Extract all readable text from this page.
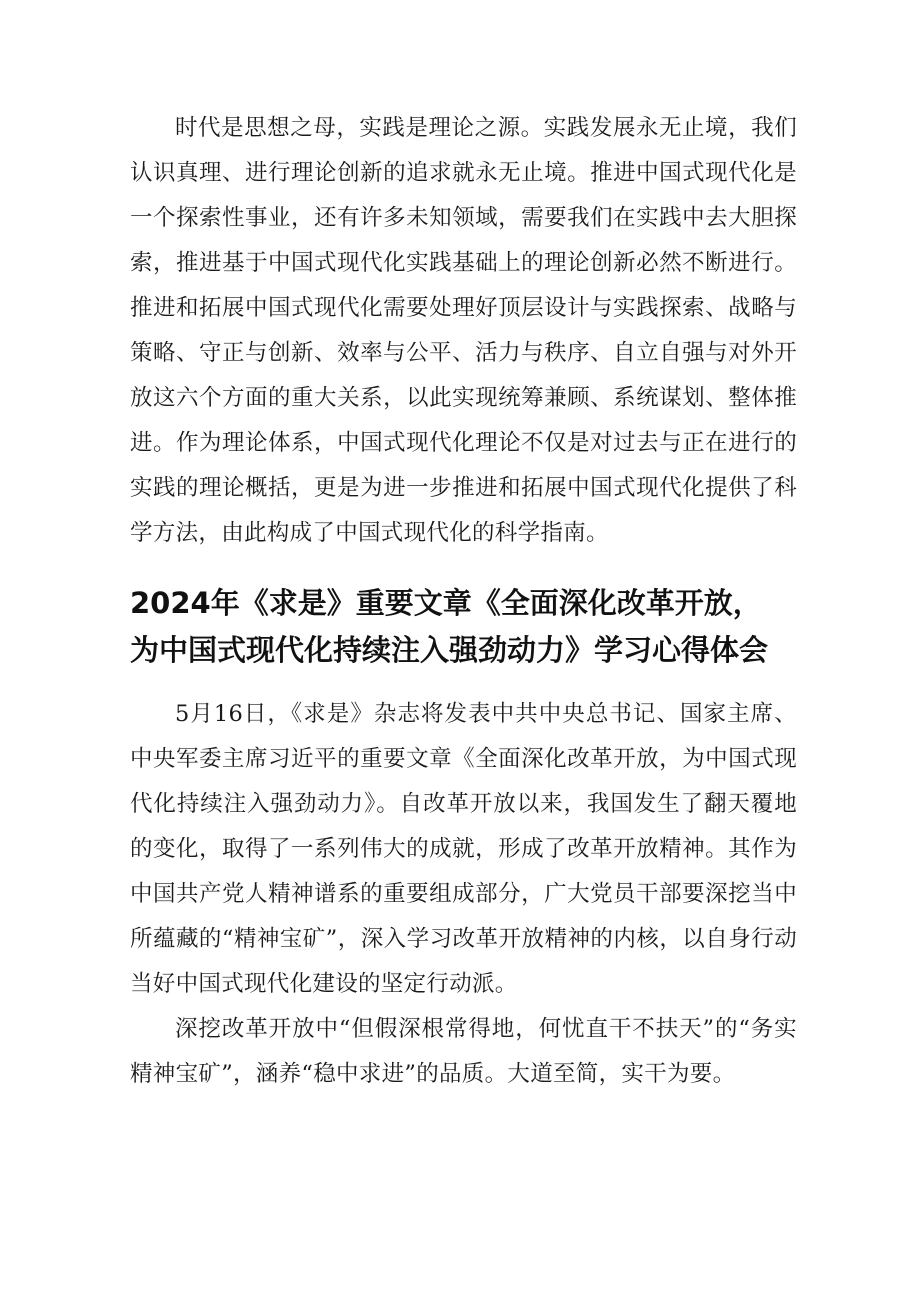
时代是思想之母，实践是理论之源。实践发展永无止境，我们认识真理、进行理论创新的追求就永无止境。推进中国式现代化是一个探索性事业，还有许多未知领域，需要我们在实践中去大胆探索，推进基于中国式现代化实践基础上的理论创新必然不断进行。推进和拓展中国式现代化需要处理好顶层设计与实践探索、战略与策略、守正与创新、效率与公平、活力与秩序、自立自强与对外开放这六个方面的重大关系，以此实现统筹兼顾、系统谋划、整体推进。作为理论体系，中国式现代化理论不仅是对过去与正在进行的实践的理论概括，更是为进一步推进和拓展中国式现代化提供了科学方法，由此构成了中国式现代化的科学指南。

2024年《求是》重要文章《全面深化改革开放，
为中国式现代化持续注入强劲动力》学习心得体会

5月16日，《求是》杂志将发表中共中央总书记、国家主席、中央军委主席习近平的重要文章《全面深化改革开放，为中国式现代化持续注入强劲动力》。自改革开放以来，我国发生了翻天覆地的变化，取得了一系列伟大的成就，形成了改革开放精神。其作为中国共产党人精神谱系的重要组成部分，广大党员干部要深挖当中所蕴藏的“精神宝矿”，深入学习改革开放精神的内核，以自身行动当好中国式现代化建设的坚定行动派。

深挖改革开放中“但假深根常得地，何忧直干不扶天”的“务实精神宝矿”，涵养“稳中求进”的品质。大道至简，实干为要。
